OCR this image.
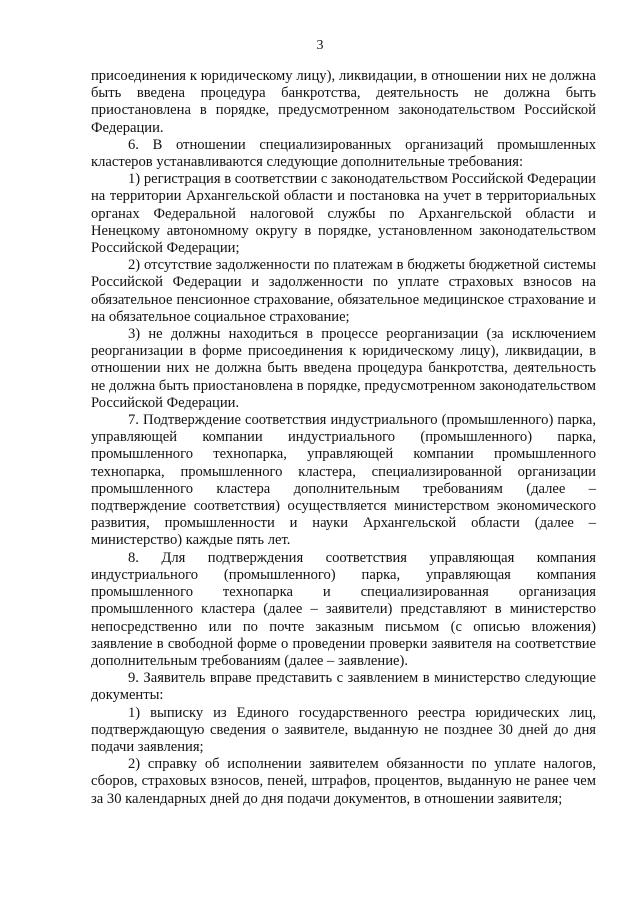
3

присоединения к юридическому лицу), ликвидации, в отношении них не должна быть введена процедура банкротства, деятельность не должна быть приостановлена в порядке, предусмотренном законодательством Российской Федерации.

6. В отношении специализированных организаций промышленных кластеров устанавливаются следующие дополнительные требования:

1) регистрация в соответствии с законодательством Российской Федерации на территории Архангельской области и постановка на учет в территориальных органах Федеральной налоговой службы по Архангельской области и Ненецкому автономному округу в порядке, установленном законодательством Российской Федерации;

2) отсутствие задолженности по платежам в бюджеты бюджетной системы Российской Федерации и задолженности по уплате страховых взносов на обязательное пенсионное страхование, обязательное медицинское страхование и на обязательное социальное страхование;

3) не должны находиться в процессе реорганизации (за исключением реорганизации в форме присоединения к юридическому лицу), ликвидации, в отношении них не должна быть введена процедура банкротства, деятельность не должна быть приостановлена в порядке, предусмотренном законодательством Российской Федерации.

7. Подтверждение соответствия индустриального (промышленного) парка, управляющей компании индустриального (промышленного) парка, промышленного технопарка, управляющей компании промышленного технопарка, промышленного кластера, специализированной организации промышленного кластера дополнительным требованиям (далее – подтверждение соответствия) осуществляется министерством экономического развития, промышленности и науки Архангельской области (далее – министерство) каждые пять лет.

8. Для подтверждения соответствия управляющая компания индустриального (промышленного) парка, управляющая компания промышленного технопарка и специализированная организация промышленного кластера (далее – заявители) представляют в министерство непосредственно или по почте заказным письмом (с описью вложения) заявление в свободной форме о проведении проверки заявителя на соответствие дополнительным требованиям (далее – заявление).

9. Заявитель вправе представить с заявлением в министерство следующие документы:

1) выписку из Единого государственного реестра юридических лиц, подтверждающую сведения о заявителе, выданную не позднее 30 дней до дня подачи заявления;

2) справку об исполнении заявителем обязанности по уплате налогов, сборов, страховых взносов, пеней, штрафов, процентов, выданную не ранее чем за 30 календарных дней до дня подачи документов, в отношении заявителя;
